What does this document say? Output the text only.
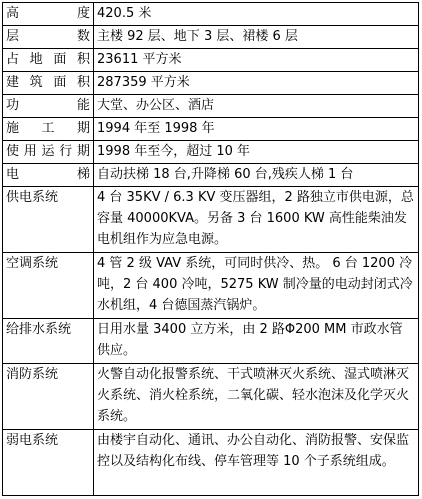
高　　度	420.5 米
层　　数	主楼 92 层、地下 3 层、裙楼 6 层
占地面积	23611 平方米
建筑面积	287359 平方米
功　　能	大堂、办公区、酒店
施 工 期	1994 年至 1998 年
使用运行期	1998 年至今，超过 10 年
电　　梯	自动扶梯 18 台,升降梯 60 台,残疾人梯 1 台
供电系统	4 台 35KV / 6.3 KV 变压器组，2 路独立市供电源，总容量 40000KVA。另备 3 台 1600 KW 高性能柴油发电机组作为应急电源。
空调系统	4 管 2 级 VAV 系统，可同时供冷、热。 6 台 1200 冷吨，2 台 400 冷吨，5275 KW 制冷量的电动封闭式冷水机组，4 台德国蒸汽锅炉。
给排水系统	日用水量 3400 立方米，由 2 路Φ200 MM 市政水管供应。
消防系统	火警自动化报警系统、干式喷淋灭火系统、湿式喷淋灭火系统、消火栓系统，二氧化碳、轻水泡沫及化学灭火系统。
弱电系统	由楼宇自动化、通讯、办公自动化、消防报警、安保监控以及结构化布线、停车管理等 10 个子系统组成。
